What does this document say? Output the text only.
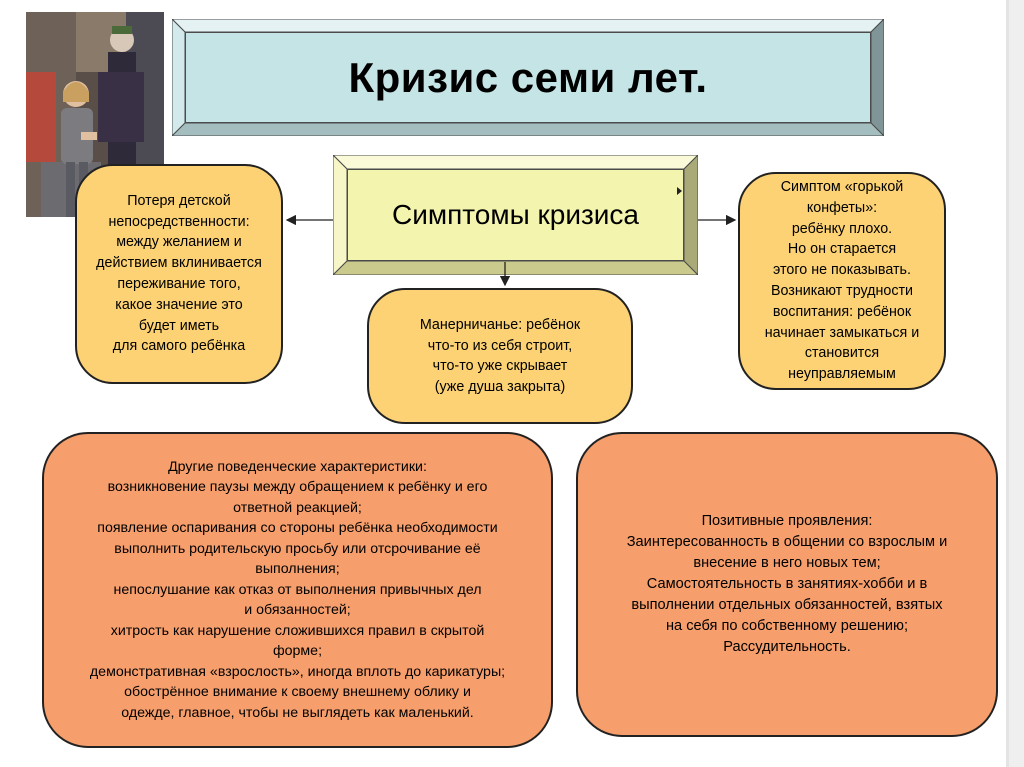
Кризис семи лет.
Симптомы кризиса
Потеря детской
непосредственности:
между желанием и
действием вклинивается
переживание того,
какое значение это
будет иметь
для самого ребёнка
Манерничанье: ребёнок
что-то из себя строит,
что-то уже скрывает
(уже душа закрыта)
Симптом «горькой
конфеты»:
ребёнку плохо.
Но он старается
этого не показывать.
Возникают трудности
воспитания: ребёнок
начинает замыкаться и
становится
неуправляемым
Другие поведенческие характеристики:
возникновение паузы между обращением к ребёнку и его
ответной реакцией;
появление оспаривания со стороны ребёнка необходимости
выполнить родительскую просьбу или отсрочивание её
выполнения;
непослушание как отказ от выполнения привычных дел
и обязанностей;
хитрость как нарушение сложившихся правил в скрытой
форме;
демонстративная «взрослость», иногда вплоть до карикатуры;
обострённое внимание к своему внешнему облику и
одежде, главное, чтобы не выглядеть как маленький.
Позитивные проявления:
Заинтересованность в общении со взрослым и
внесение в него новых тем;
Самостоятельность в занятиях-хобби и в
выполнении отдельных обязанностей, взятых
на себя по собственному решению;
Рассудительность.
